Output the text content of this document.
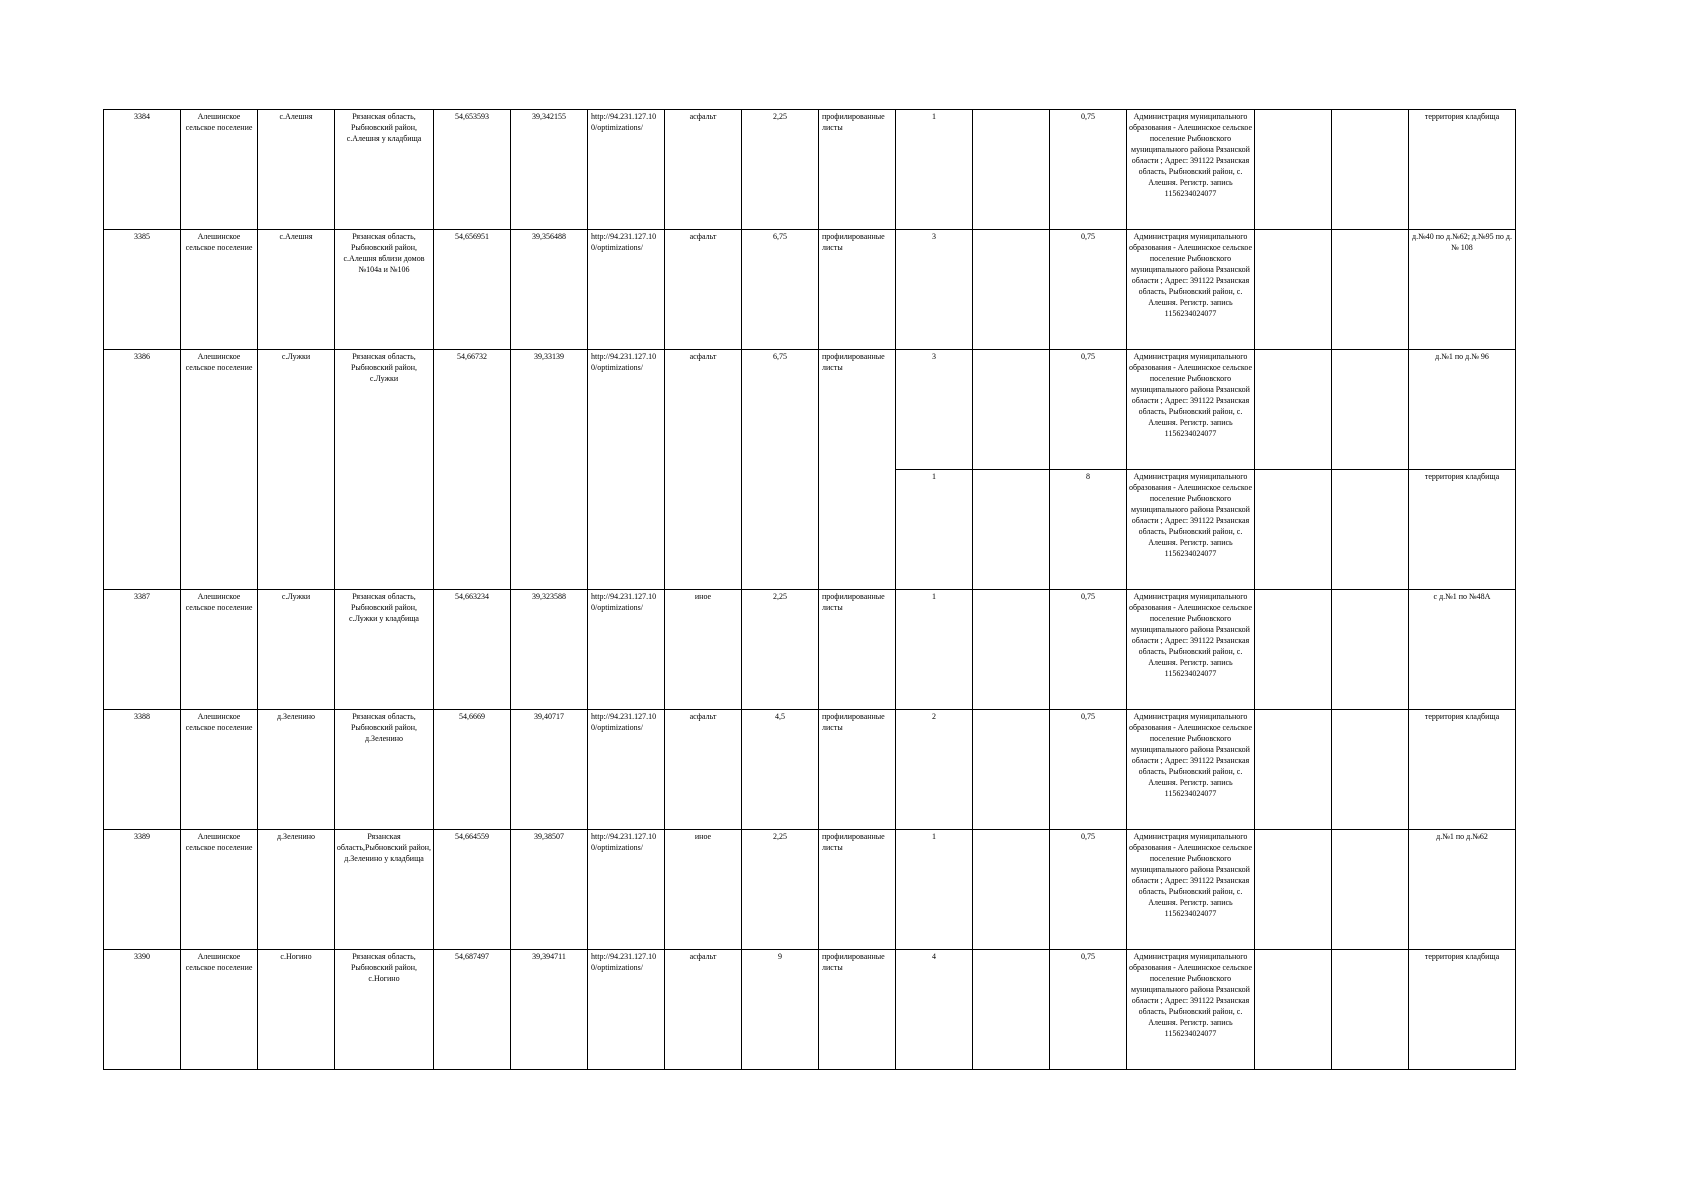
3384	Алешинское сельское поселение	с.Алешня	Рязанская область, Рыбновский район, с.Алешня у кладбища	54,653593	39,342155	http://94.231.127.10 0/optimizations/	асфальт	2,25	профилированные листы	1		0,75	Администрация муниципального образования - Алешинское сельское поселение Рыбновского муниципального района Рязанской области ; Адрес: 391122 Рязанская область, Рыбновский район, с. Алешня. Регистр. запись 1156234024077			территория кладбища
3385	Алешинское сельское поселение	с.Алешня	Рязанская область, Рыбновский район, с.Алешня вблизи домов №104а и №106	54,656951	39,356488	http://94.231.127.10 0/optimizations/	асфальт	6,75	профилированные листы	3		0,75	Администрация муниципального образования - Алешинское сельское поселение Рыбновского муниципального района Рязанской области ; Адрес: 391122 Рязанская область, Рыбновский район, с. Алешня. Регистр. запись 1156234024077			д.№40 по д.№62; д.№95 по д.№ 108
3386	Алешинское сельское поселение	с.Лужки	Рязанская область, Рыбновский район, с.Лужки	54,66732	39,33139	http://94.231.127.10 0/optimizations/	асфальт	6,75	профилированные листы	3		0,75	Администрация муниципального образования - Алешинское сельское поселение Рыбновского муниципального района Рязанской области ; Адрес: 391122 Рязанская область, Рыбновский район, с. Алешня. Регистр. запись 1156234024077			д.№1 по д.№ 96
										1		8	Администрация муниципального образования - Алешинское сельское поселение Рыбновского муниципального района Рязанской области ; Адрес: 391122 Рязанская область, Рыбновский район, с. Алешня. Регистр. запись 1156234024077			территория кладбища
3387	Алешинское сельское поселение	с.Лужки	Рязанская область, Рыбновский район, с.Лужки у кладбища	54,663234	39,323588	http://94.231.127.10 0/optimizations/	иное	2,25	профилированные листы	1		0,75	Администрация муниципального образования - Алешинское сельское поселение Рыбновского муниципального района Рязанской области ; Адрес: 391122 Рязанская область, Рыбновский район, с. Алешня. Регистр. запись 1156234024077			с д.№1 по №48А
3388	Алешинское сельское поселение	д.Зеленино	Рязанская область, Рыбновский район, д.Зеленино	54,6669	39,40717	http://94.231.127.10 0/optimizations/	асфальт	4,5	профилированные листы	2		0,75	Администрация муниципального образования - Алешинское сельское поселение Рыбновского муниципального района Рязанской области ; Адрес: 391122 Рязанская область, Рыбновский район, с. Алешня. Регистр. запись 1156234024077			территория кладбища
3389	Алешинское сельское поселение	д.Зеленино	Рязанская область,Рыбновский район, д.Зеленино у кладбища	54,664559	39,38507	http://94.231.127.10 0/optimizations/	иное	2,25	профилированные листы	1		0,75	Администрация муниципального образования - Алешинское сельское поселение Рыбновского муниципального района Рязанской области ; Адрес: 391122 Рязанская область, Рыбновский район, с. Алешня. Регистр. запись 1156234024077			д.№1 по д.№62
3390	Алешинское сельское поселение	с.Ногино	Рязанская область, Рыбновский район, с.Ногино	54,687497	39,394711	http://94.231.127.10 0/optimizations/	асфальт	9	профилированные листы	4		0,75	Администрация муниципального образования - Алешинское сельское поселение Рыбновского муниципального района Рязанской области ; Адрес: 391122 Рязанская область, Рыбновский район, с. Алешня. Регистр. запись 1156234024077			территория кладбища
